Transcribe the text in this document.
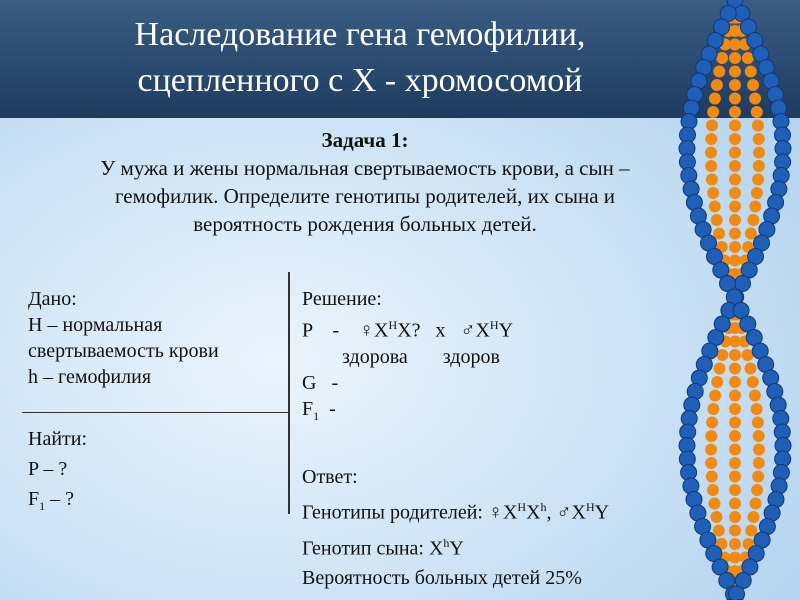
Наследование гена гемофилии,
сцепленного с X - хромосомой
Задача 1:
У мужа и жены нормальная свертываемость крови, а сын –
гемофилик. Определите генотипы родителей, их сына и
вероятность рождения больных детей.
Дано:
H – нормальная
свертываемость крови
h – гемофилия
Найти:
P – ?
$F_1$ – ?
Решение:
P    -    $♀X^HX$?   x   $♂X^HY$
здорова       здоров
G   -
$F_1$  -
Ответ:
Генотипы родителей: $♀X^HX^h$, $♂X^HY$
Генотип сына: $X^hY$
Вероятность больных детей 25%
